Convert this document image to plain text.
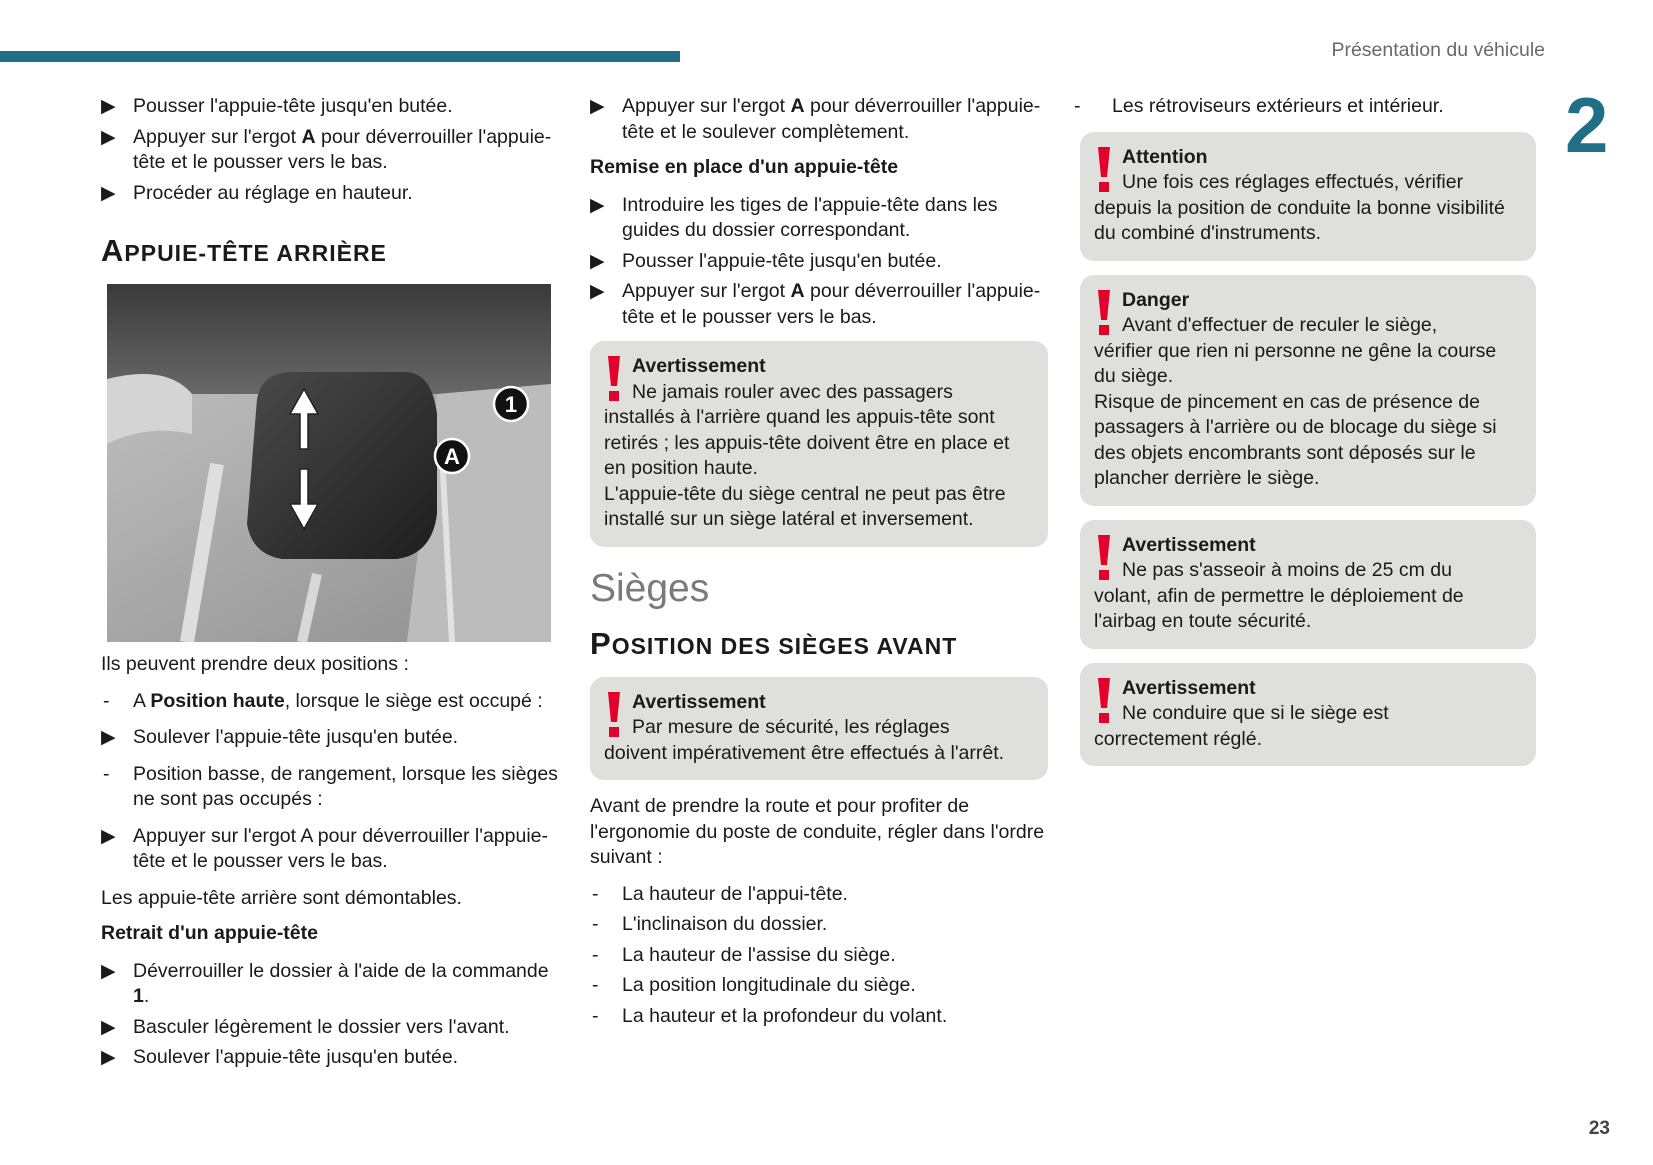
Présentation du véhicule
2
23
▶ Pousser l'appuie-tête jusqu'en butée.
▶ Appuyer sur l'ergot A pour déverrouiller l'appuie-tête et le pousser vers le bas.
▶ Procéder au réglage en hauteur.
APPUIE-TÊTE ARRIÈRE
1
A

Ils peuvent prendre deux positions :

- A Position haute, lorsque le siège est occupé :
▶ Soulever l'appuie-tête jusqu'en butée.
- Position basse, de rangement, lorsque les sièges ne sont pas occupés :
▶ Appuyer sur l'ergot A pour déverrouiller l'appuie-tête et le pousser vers le bas.

Les appuie-tête arrière sont démontables.

Retrait d'un appuie-tête
▶ Déverrouiller le dossier à l'aide de la commande 1.
▶ Basculer légèrement le dossier vers l'avant.
▶ Soulever l'appuie-tête jusqu'en butée.
▶ Appuyer sur l'ergot A pour déverrouiller l'appuie-tête et le soulever complètement.
Remise en place d'un appuie-tête
▶ Introduire les tiges de l'appuie-tête dans les guides du dossier correspondant.
▶ Pousser l'appuie-tête jusqu'en butée.
▶ Appuyer sur l'ergot A pour déverrouiller l'appuie-tête et le pousser vers le bas.
Avertissement
Ne jamais rouler avec des passagers
installés à l'arrière quand les appuis-tête sont retirés ; les appuis-tête doivent être en place et en position haute.
L'appuie-tête du siège central ne peut pas être installé sur un siège latéral et inversement.
Sièges
POSITION DES SIÈGES AVANT
Avertissement
Par mesure de sécurité, les réglages
doivent impérativement être effectués à l'arrêt.

Avant de prendre la route et pour profiter de l'ergonomie du poste de conduite, régler dans l'ordre suivant :

- La hauteur de l'appui-tête.
- L'inclinaison du dossier.
- La hauteur de l'assise du siège.
- La position longitudinale du siège.
- La hauteur et la profondeur du volant.
- Les rétroviseurs extérieurs et intérieur.
Attention
Une fois ces réglages effectués, vérifier
depuis la position de conduite la bonne visibilité du combiné d'instruments.
Danger
Avant d'effectuer de reculer le siège,
vérifier que rien ni personne ne gêne la course du siège.
Risque de pincement en cas de présence de passagers à l'arrière ou de blocage du siège si des objets encombrants sont déposés sur le plancher derrière le siège.
Avertissement
Ne pas s'asseoir à moins de 25 cm du
volant, afin de permettre le déploiement de l'airbag en toute sécurité.
Avertissement
Ne conduire que si le siège est
correctement réglé.
